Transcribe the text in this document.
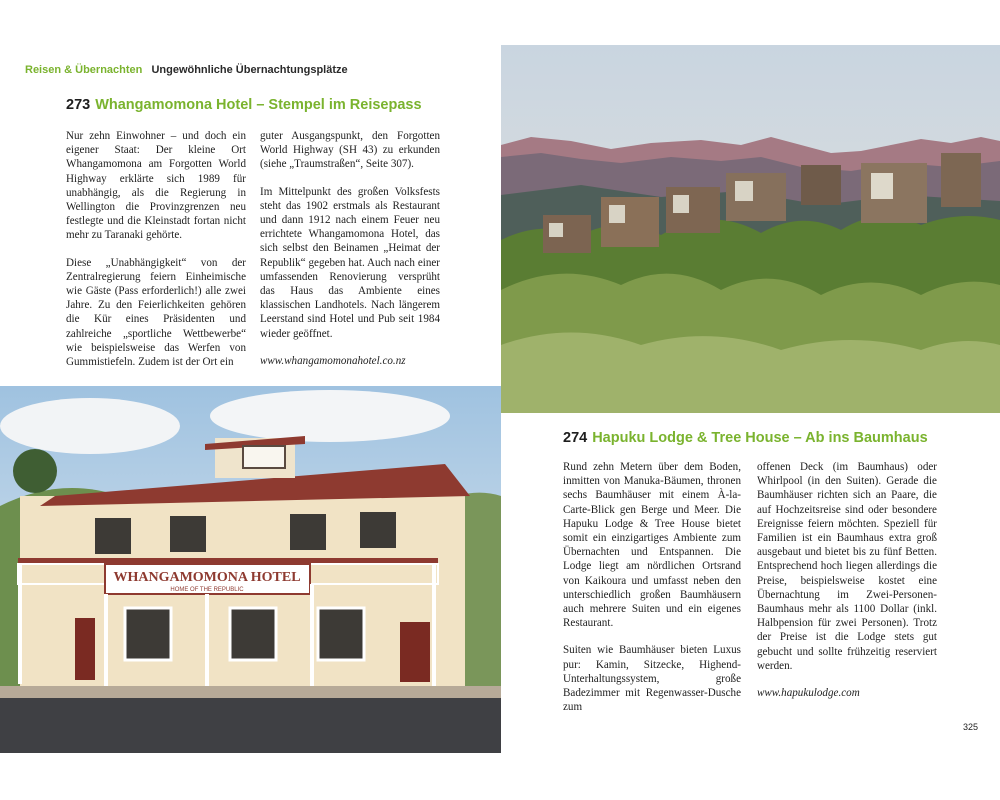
Reisen & Übernachten Ungewöhnliche Übernachtungsplätze
273 Whangamomona Hotel – Stempel im Reisepass

Nur zehn Einwohner – und doch ein eigener Staat: Der kleine Ort Whangamomona am Forgotten World Highway erklärte sich 1989 für unabhängig, als die Regierung in Wellington die Provinzgrenzen neu festlegte und die Kleinstadt fortan nicht mehr zu Taranaki gehörte.

Diese „Unabhängigkeit“ von der Zentralregierung feiern Einheimische wie Gäste (Pass erforderlich!) alle zwei Jahre. Zu den Feierlichkeiten gehören die Kür eines Präsidenten und zahlreiche „sportliche Wettbewerbe“ wie beispielsweise das Werfen von Gummistiefeln. Zudem ist der Ort ein

guter Ausgangspunkt, den Forgotten World Highway (SH 43) zu erkunden (siehe „Traumstraßen“, Seite 307).

Im Mittelpunkt des großen Volksfests steht das 1902 erstmals als Restaurant und dann 1912 nach einem Feuer neu errichtete Whangamomona Hotel, das sich selbst den Beinamen „Heimat der Republik“ gegeben hat. Auch nach einer umfassenden Renovierung versprüht das Haus das Ambiente eines klassischen Landhotels. Nach längerem Leerstand sind Hotel und Pub seit 1984 wieder geöffnet.

www.whangamomonahotel.co.nz

WHANGAMOMONA HOTEL
HOME OF THE REPUBLIC
274 Hapuku Lodge & Tree House – Ab ins Baumhaus

Rund zehn Metern über dem Boden, inmitten von Manuka-Bäumen, thronen sechs Baumhäuser mit einem À-la-Carte-Blick gen Berge und Meer. Die Hapuku Lodge & Tree House bietet somit ein einzigartiges Ambiente zum Übernachten und Entspannen. Die Lodge liegt am nördlichen Ortsrand von Kaikoura und umfasst neben den unterschiedlich großen Baumhäusern auch mehrere Suiten und ein eigenes Restaurant.

Suiten wie Baumhäuser bieten Luxus pur: Kamin, Sitzecke, Highend-Unterhaltungssystem, große Badezimmer mit Regenwasser-Dusche zum

offenen Deck (im Baumhaus) oder Whirlpool (in den Suiten). Gerade die Baumhäuser richten sich an Paare, die auf Hochzeitsreise sind oder besondere Ereignisse feiern möchten. Speziell für Familien ist ein Baumhaus extra groß ausgebaut und bietet bis zu fünf Betten. Entsprechend hoch liegen allerdings die Preise, beispielsweise kostet eine Übernachtung im Zwei-Personen-Baumhaus mehr als 1100 Dollar (inkl. Halbpension für zwei Personen). Trotz der Preise ist die Lodge stets gut gebucht und sollte frühzeitig reserviert werden.

www.hapukulodge.com

325
